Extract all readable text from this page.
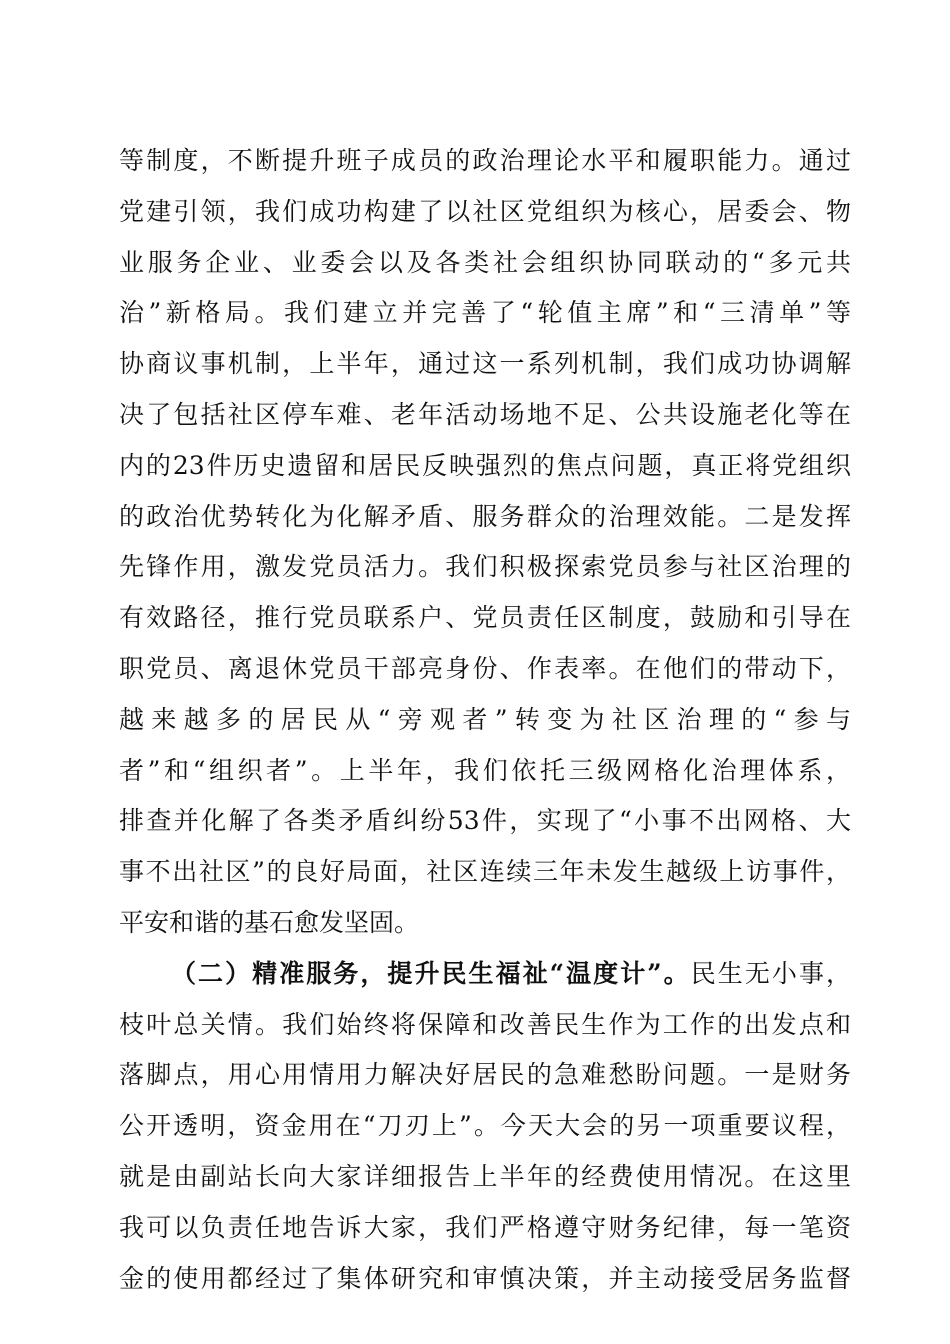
等制度，不断提升班子成员的政治理论水平和履职能力。通过
党建引领，我们成功构建了以社区党组织为核心，居委会、物
业服务企业、业委会以及各类社会组织协同联动的“多元共
治”新格局。我们建立并完善了“轮值主席”和“三清单”等
协商议事机制，上半年，通过这一系列机制，我们成功协调解
决了包括社区停车难、老年活动场地不足、公共设施老化等在
内的23件历史遗留和居民反映强烈的焦点问题，真正将党组织
的政治优势转化为化解矛盾、服务群众的治理效能。二是发挥
先锋作用，激发党员活力。我们积极探索党员参与社区治理的
有效路径，推行党员联系户、党员责任区制度，鼓励和引导在
职党员、离退休党员干部亮身份、作表率。在他们的带动下，
越来越多的居民从“旁观者”转变为社区治理的“参与
者”和“组织者”。上半年，我们依托三级网格化治理体系，
排查并化解了各类矛盾纠纷53件，实现了“小事不出网格、大
事不出社区”的良好局面，社区连续三年未发生越级上访事件，
平安和谐的基石愈发坚固。
（二）精准服务，提升民生福祉“温度计”。民生无小事，
枝叶总关情。我们始终将保障和改善民生作为工作的出发点和
落脚点，用心用情用力解决好居民的急难愁盼问题。一是财务
公开透明，资金用在“刀刃上”。今天大会的另一项重要议程，
就是由副站长向大家详细报告上半年的经费使用情况。在这里
我可以负责任地告诉大家，我们严格遵守财务纪律，每一笔资
金的使用都经过了集体研究和审慎决策，并主动接受居务监督
